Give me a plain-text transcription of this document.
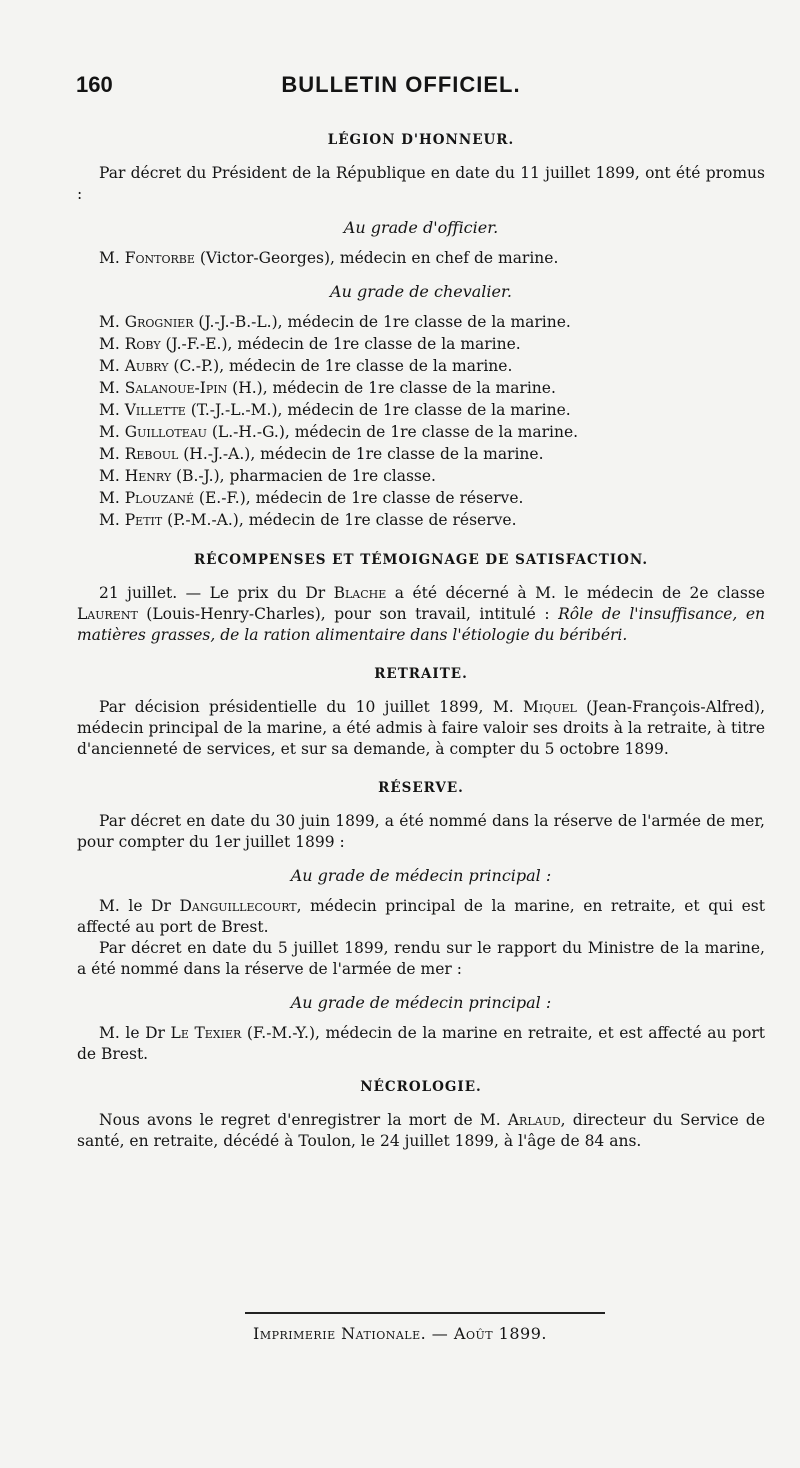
160	BULLETIN OFFICIEL.
LÉGION D'HONNEUR.

Par décret du Président de la République en date du 11 juillet 1899, ont été promus :

Au grade d'officier.

M. Fontorbe (Victor-Georges), médecin en chef de marine.

Au grade de chevalier.
M. Grognier (J.-J.-B.-L.), médecin de 1re classe de la marine.
M. Roby (J.-F.-E.), médecin de 1re classe de la marine.
M. Aubry (C.-P.), médecin de 1re classe de la marine.
M. Salanoue-Ipin (H.), médecin de 1re classe de la marine.
M. Villette (T.-J.-L.-M.), médecin de 1re classe de la marine.
M. Guilloteau (L.-H.-G.), médecin de 1re classe de la marine.
M. Reboul (H.-J.-A.), médecin de 1re classe de la marine.
M. Henry (B.-J.), pharmacien de 1re classe.
M. Plouzané (E.-F.), médecin de 1re classe de réserve.
M. Petit (P.-M.-A.), médecin de 1re classe de réserve.
RÉCOMPENSES ET TÉMOIGNAGE DE SATISFACTION.

21 juillet. — Le prix du Dr Blache a été décerné à M. le médecin de 2e classe Laurent (Louis-Henry-Charles), pour son travail, intitulé : Rôle de l'insuffisance, en matières grasses, de la ration alimentaire dans l'étiologie du béribéri.

RETRAITE.

Par décision présidentielle du 10 juillet 1899, M. Miquel (Jean-François-Alfred), médecin principal de la marine, a été admis à faire valoir ses droits à la retraite, à titre d'ancienneté de services, et sur sa demande, à compter du 5 octobre 1899.

RÉSERVE.

Par décret en date du 30 juin 1899, a été nommé dans la réserve de l'armée de mer, pour compter du 1er juillet 1899 :

Au grade de médecin principal :

M. le Dr Danguillecourt, médecin principal de la marine, en retraite, et qui est affecté au port de Brest.

Par décret en date du 5 juillet 1899, rendu sur le rapport du Ministre de la marine, a été nommé dans la réserve de l'armée de mer :

Au grade de médecin principal :

M. le Dr Le Texier (F.-M.-Y.), médecin de la marine en retraite, et est affecté au port de Brest.

NÉCROLOGIE.

Nous avons le regret d'enregistrer la mort de M. Arlaud, directeur du Service de santé, en retraite, décédé à Toulon, le 24 juillet 1899, à l'âge de 84 ans.

Imprimerie Nationale. — Août 1899.
